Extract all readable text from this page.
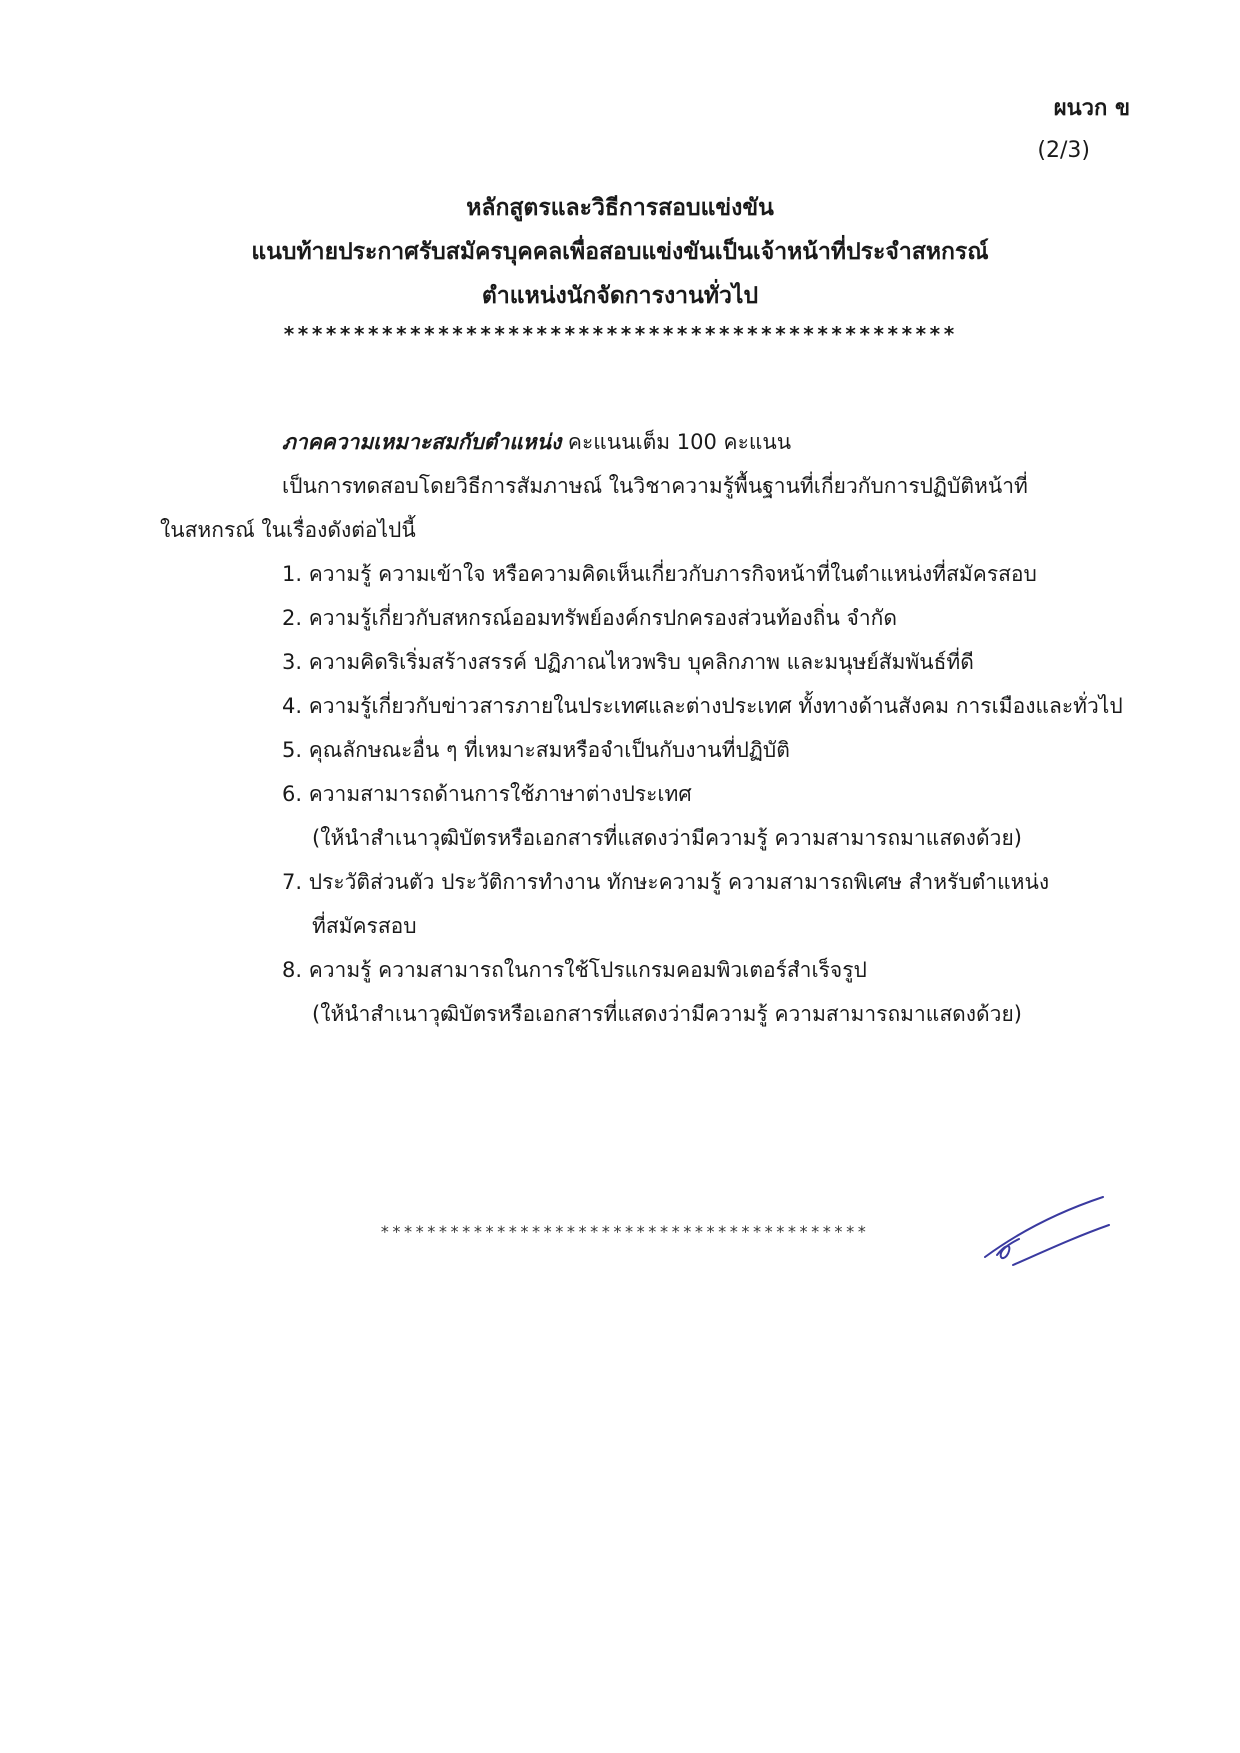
ผนวก ข
(2/3)

หลักสูตรและวิธีการสอบแข่งขัน

แนบท้ายประกาศรับสมัครบุคคลเพื่อสอบแข่งขันเป็นเจ้าหน้าที่ประจำสหกรณ์

ตำแหน่งนักจัดการงานทั่วไป

************************************************

ภาคความเหมาะสมกับตำแหน่ง คะแนนเต็ม 100 คะแนน

เป็นการทดสอบโดยวิธีการสัมภาษณ์ ในวิชาความรู้พื้นฐานที่เกี่ยวกับการปฏิบัติหน้าที่
ในสหกรณ์ ในเรื่องดังต่อไปนี้

1. ความรู้ ความเข้าใจ หรือความคิดเห็นเกี่ยวกับภารกิจหน้าที่ในตำแหน่งที่สมัครสอบ
2. ความรู้เกี่ยวกับสหกรณ์ออมทรัพย์องค์กรปกครองส่วนท้องถิ่น จำกัด
3. ความคิดริเริ่มสร้างสรรค์ ปฏิภาณไหวพริบ บุคลิกภาพ และมนุษย์สัมพันธ์ที่ดี
4. ความรู้เกี่ยวกับข่าวสารภายในประเทศและต่างประเทศ ทั้งทางด้านสังคม การเมืองและทั่วไป
5. คุณลักษณะอื่น ๆ ที่เหมาะสมหรือจำเป็นกับงานที่ปฏิบัติ
6. ความสามารถด้านการใช้ภาษาต่างประเทศ
(ให้นำสำเนาวุฒิบัตรหรือเอกสารที่แสดงว่ามีความรู้ ความสามารถมาแสดงด้วย)
7. ประวัติส่วนตัว ประวัติการทำงาน ทักษะความรู้ ความสามารถพิเศษ สำหรับตำแหน่ง
ที่สมัครสอบ
8. ความรู้ ความสามารถในการใช้โปรแกรมคอมพิวเตอร์สำเร็จรูป
(ให้นำสำเนาวุฒิบัตรหรือเอกสารที่แสดงว่ามีความรู้ ความสามารถมาแสดงด้วย)
******************************************
